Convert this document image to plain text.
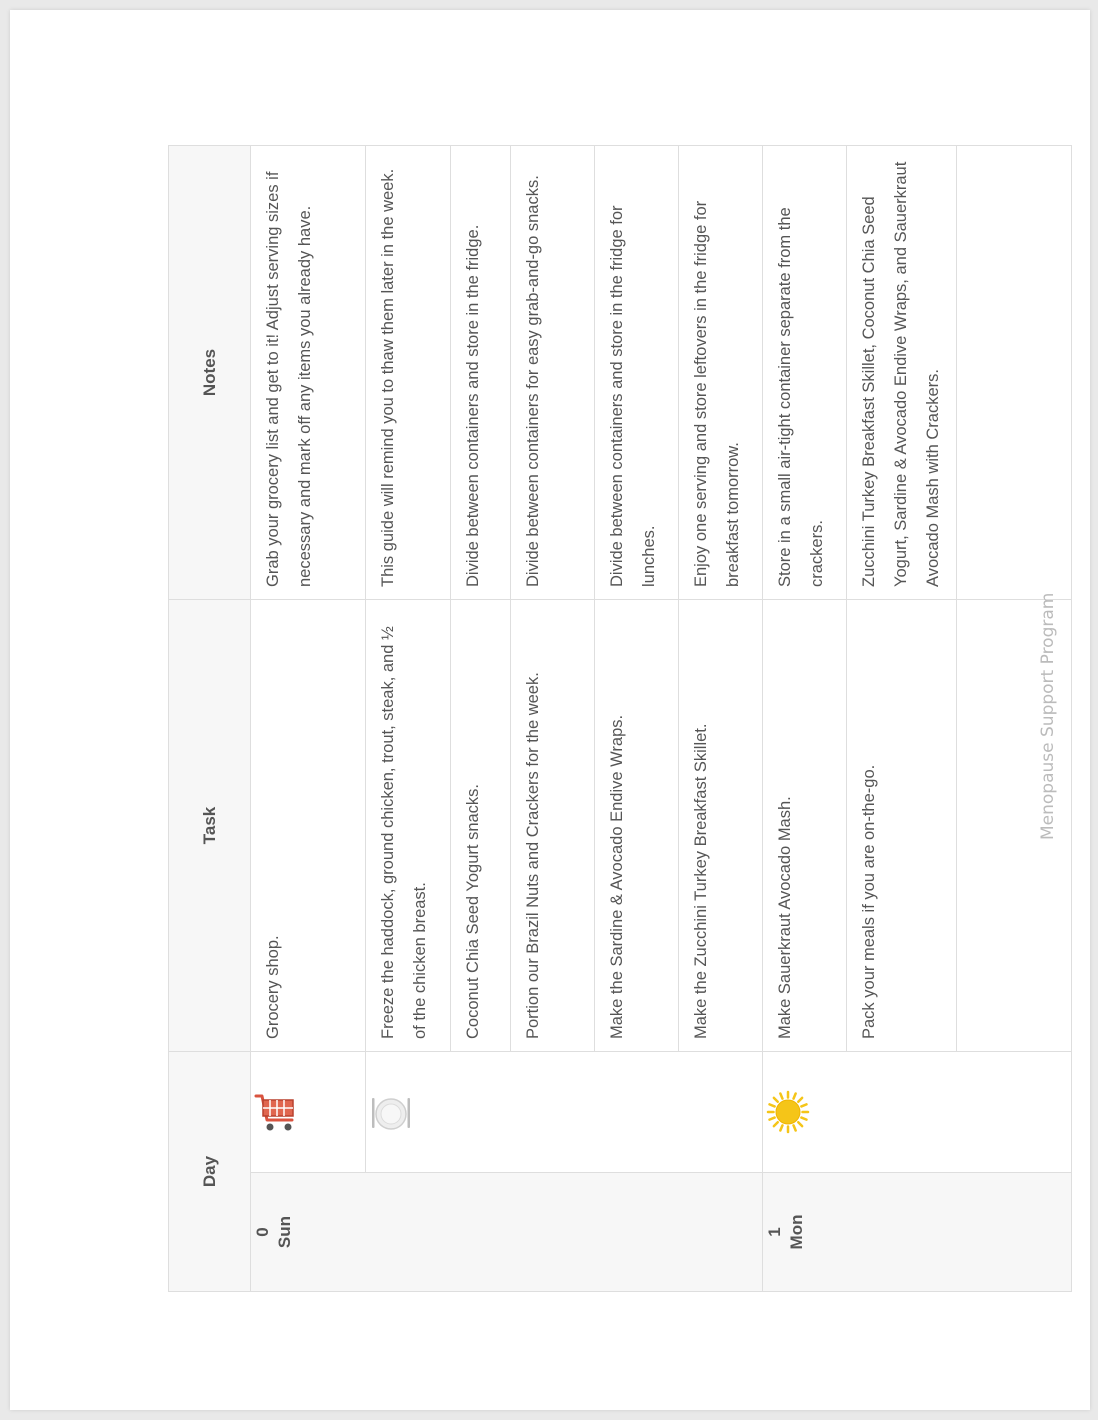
Day		Task	Notes

0 Sun		Grocery shop.	Grab your grocery list and get to it! Adjust serving sizes if necessary and mark off any items you already have.
	Freeze the haddock, ground chicken, trout, steak, and ½ of the chicken breast.	This guide will remind you to thaw them later in the week.
		Coconut Chia Seed Yogurt snacks.	Divide between containers and store in the fridge.
		Portion our Brazil Nuts and Crackers for the week.	Divide between containers for easy grab-and-go snacks.
		Make the Sardine & Avocado Endive Wraps.	Divide between containers and store in the fridge for lunches.
		Make the Zucchini Turkey Breakfast Skillet.	Enjoy one serving and store leftovers in the fridge for breakfast tomorrow.

1 Mon		Make Sauerkraut Avocado Mash.	Store in a small air-tight container separate from the crackers.
		Pack your meals if you are on-the-go.	Zucchini Turkey Breakfast Skillet, Coconut Chia Seed Yogurt, Sardine & Avocado Endive Wraps, and Sauerkraut Avocado Mash with Crackers.

Menopause Support Program
